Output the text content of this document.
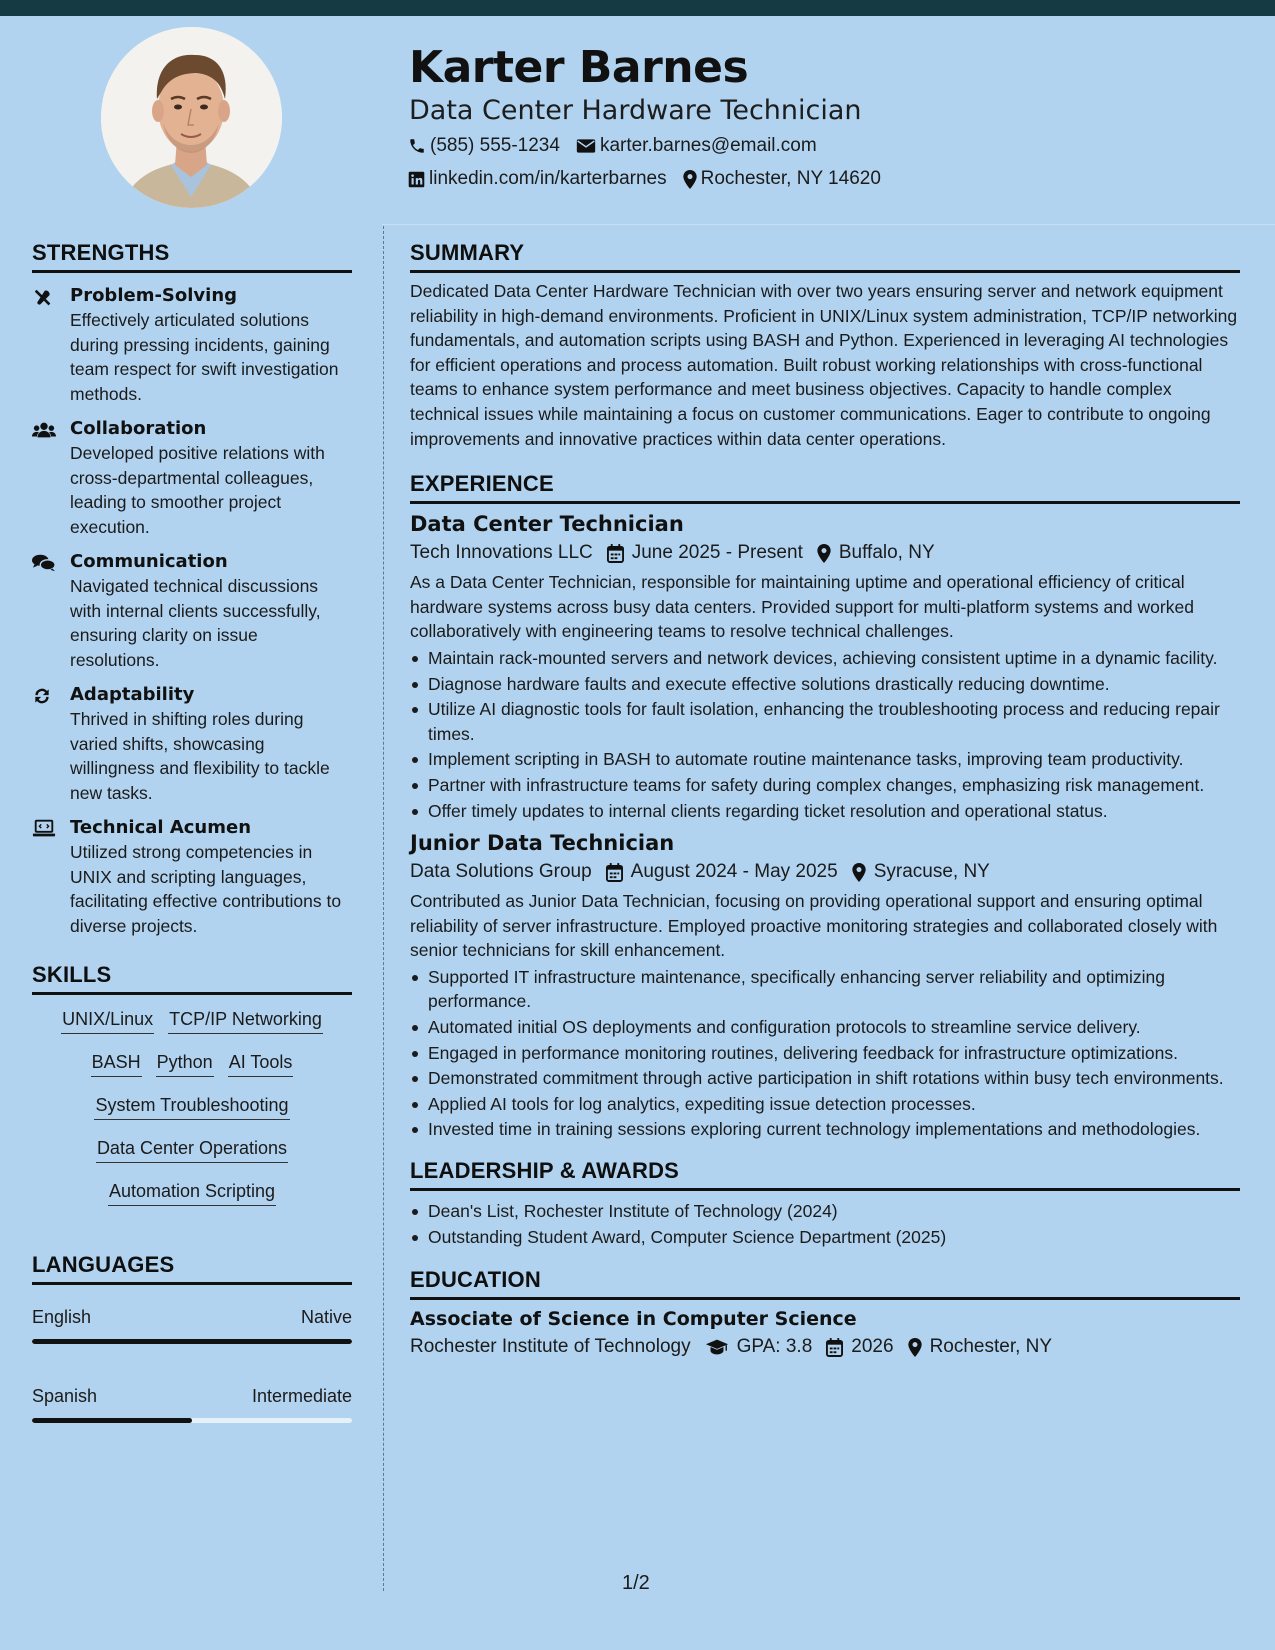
Karter Barnes
Data Center Hardware Technician
(585) 555-1234 karter.barnes@email.com
linkedin.com/in/karterbarnes Rochester, NY 14620
STRENGTHS
Problem-Solving
Effectively articulated solutions during pressing incidents, gaining team respect for swift investigation methods.
Collaboration
Developed positive relations with cross-departmental colleagues, leading to smoother project execution.
Communication
Navigated technical discussions with internal clients successfully, ensuring clarity on issue resolutions.
Adaptability
Thrived in shifting roles during varied shifts, showcasing willingness and flexibility to tackle new tasks.
Technical Acumen
Utilized strong competencies in UNIX and scripting languages, facilitating effective contributions to diverse projects.
SKILLS
UNIX/Linux TCP/IP Networking
BASH Python AI Tools
System Troubleshooting
Data Center Operations
Automation Scripting
LANGUAGES
English	Native
Spanish	Intermediate
SUMMARY
Dedicated Data Center Hardware Technician with over two years ensuring server and network equipment reliability in high-demand environments. Proficient in UNIX/Linux system administration, TCP/IP networking fundamentals, and automation scripts using BASH and Python. Experienced in leveraging AI technologies for efficient operations and process automation. Built robust working relationships with cross-functional teams to enhance system performance and meet business objectives. Capacity to handle complex technical issues while maintaining a focus on customer communications. Eager to contribute to ongoing improvements and innovative practices within data center operations.
EXPERIENCE
Data Center Technician
Tech Innovations LLC June 2025 - Present Buffalo, NY
As a Data Center Technician, responsible for maintaining uptime and operational efficiency of critical hardware systems across busy data centers. Provided support for multi-platform systems and worked collaboratively with engineering teams to resolve technical challenges.
Maintain rack-mounted servers and network devices, achieving consistent uptime in a dynamic facility.
Diagnose hardware faults and execute effective solutions drastically reducing downtime.
Utilize AI diagnostic tools for fault isolation, enhancing the troubleshooting process and reducing repair times.
Implement scripting in BASH to automate routine maintenance tasks, improving team productivity.
Partner with infrastructure teams for safety during complex changes, emphasizing risk management.
Offer timely updates to internal clients regarding ticket resolution and operational status.
Junior Data Technician
Data Solutions Group August 2024 - May 2025 Syracuse, NY
Contributed as Junior Data Technician, focusing on providing operational support and ensuring optimal reliability of server infrastructure. Employed proactive monitoring strategies and collaborated closely with senior technicians for skill enhancement.
Supported IT infrastructure maintenance, specifically enhancing server reliability and optimizing performance.
Automated initial OS deployments and configuration protocols to streamline service delivery.
Engaged in performance monitoring routines, delivering feedback for infrastructure optimizations.
Demonstrated commitment through active participation in shift rotations within busy tech environments.
Applied AI tools for log analytics, expediting issue detection processes.
Invested time in training sessions exploring current technology implementations and methodologies.
LEADERSHIP & AWARDS
Dean's List, Rochester Institute of Technology (2024)
Outstanding Student Award, Computer Science Department (2025)
EDUCATION
Associate of Science in Computer Science
Rochester Institute of Technology GPA: 3.8 2026 Rochester, NY
1/2
